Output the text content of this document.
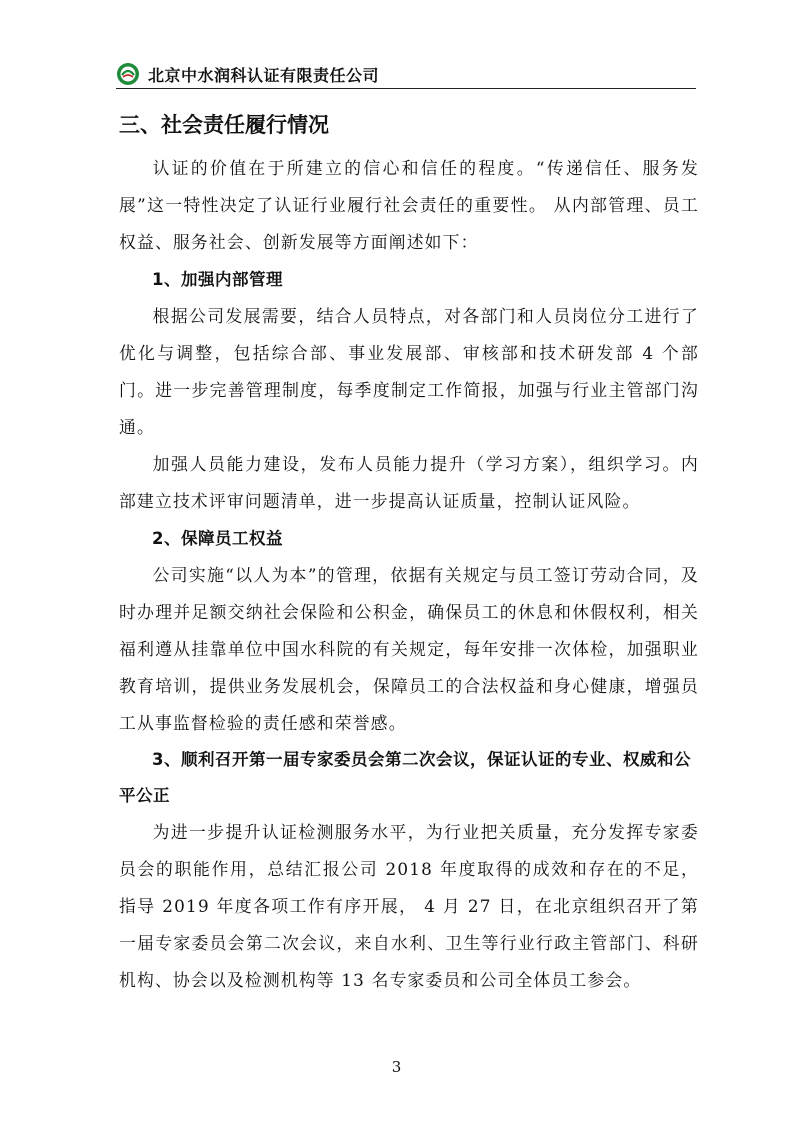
北京中水润科认证有限责任公司
三、社会责任履行情况

认证的价值在于所建立的信心和信任的程度。“传递信任、服务发展”这一特性决定了认证行业履行社会责任的重要性。 从内部管理、员工权益、服务社会、创新发展等方面阐述如下：

1、加强内部管理

根据公司发展需要，结合人员特点，对各部门和人员岗位分工进行了优化与调整，包括综合部、事业发展部、审核部和技术研发部 4 个部门。进一步完善管理制度，每季度制定工作简报，加强与行业主管部门沟通。

加强人员能力建设，发布人员能力提升（学习方案），组织学习。内部建立技术评审问题清单，进一步提高认证质量，控制认证风险。

2、保障员工权益

公司实施“以人为本”的管理，依据有关规定与员工签订劳动合同，及时办理并足额交纳社会保险和公积金，确保员工的休息和休假权利，相关福利遵从挂靠单位中国水科院的有关规定，每年安排一次体检，加强职业教育培训，提供业务发展机会，保障员工的合法权益和身心健康，增强员工从事监督检验的责任感和荣誉感。

3、顺利召开第一届专家委员会第二次会议，保证认证的专业、权威和公平公正

为进一步提升认证检测服务水平，为行业把关质量，充分发挥专家委员会的职能作用，总结汇报公司 2018 年度取得的成效和存在的不足，指导 2019 年度各项工作有序开展， 4 月 27 日，在北京组织召开了第一届专家委员会第二次会议，来自水利、卫生等行业行政主管部门、科研机构、协会以及检测机构等 13 名专家委员和公司全体员工参会。

3
